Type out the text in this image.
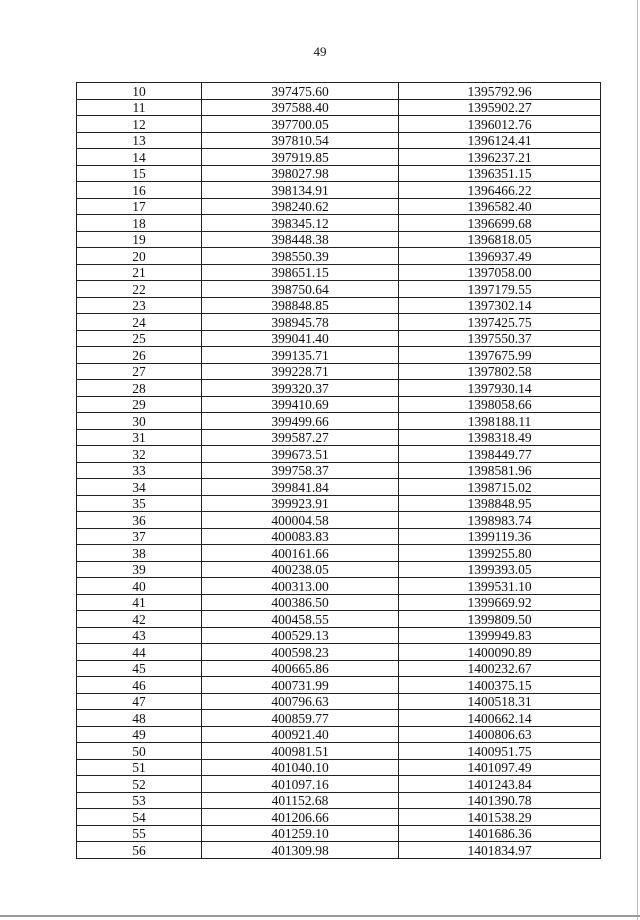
49
10	397475.60	1395792.96
11	397588.40	1395902.27
12	397700.05	1396012.76
13	397810.54	1396124.41
14	397919.85	1396237.21
15	398027.98	1396351.15
16	398134.91	1396466.22
17	398240.62	1396582.40
18	398345.12	1396699.68
19	398448.38	1396818.05
20	398550.39	1396937.49
21	398651.15	1397058.00
22	398750.64	1397179.55
23	398848.85	1397302.14
24	398945.78	1397425.75
25	399041.40	1397550.37
26	399135.71	1397675.99
27	399228.71	1397802.58
28	399320.37	1397930.14
29	399410.69	1398058.66
30	399499.66	1398188.11
31	399587.27	1398318.49
32	399673.51	1398449.77
33	399758.37	1398581.96
34	399841.84	1398715.02
35	399923.91	1398848.95
36	400004.58	1398983.74
37	400083.83	1399119.36
38	400161.66	1399255.80
39	400238.05	1399393.05
40	400313.00	1399531.10
41	400386.50	1399669.92
42	400458.55	1399809.50
43	400529.13	1399949.83
44	400598.23	1400090.89
45	400665.86	1400232.67
46	400731.99	1400375.15
47	400796.63	1400518.31
48	400859.77	1400662.14
49	400921.40	1400806.63
50	400981.51	1400951.75
51	401040.10	1401097.49
52	401097.16	1401243.84
53	401152.68	1401390.78
54	401206.66	1401538.29
55	401259.10	1401686.36
56	401309.98	1401834.97
